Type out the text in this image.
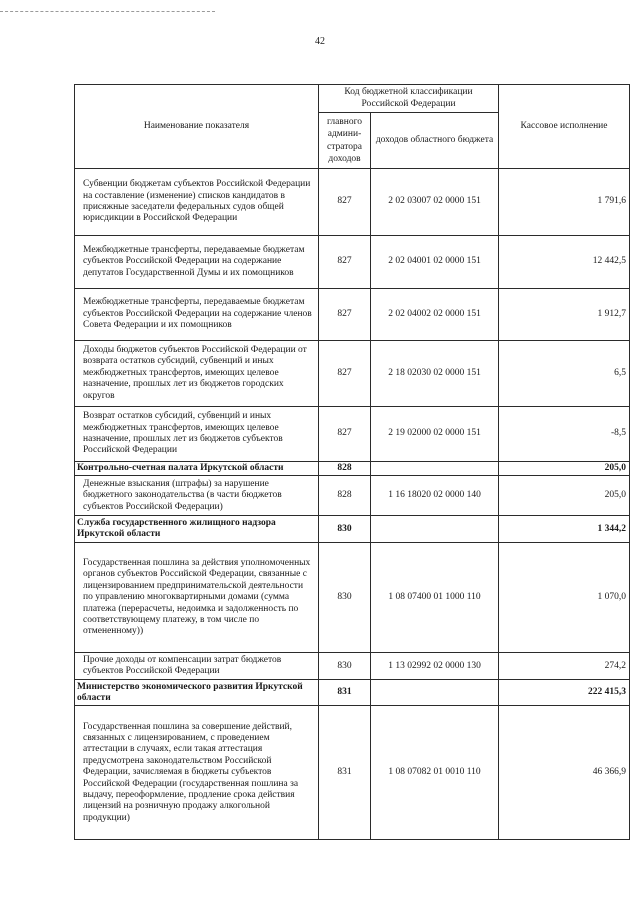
42
Наименование показателя	Код бюджетной классификации Российской Федерации		Кассовое исполнение
	главного админи-стратора доходов	доходов областного бюджета	
Субвенции бюджетам субъектов Российской Федерации на составление (изменение) списков кандидатов в присяжные заседатели федеральных судов общей юрисдикции в Российской Федерации	827	2 02 03007 02 0000 151	1 791,6
Межбюджетные трансферты, передаваемые бюджетам субъектов Российской Федерации на содержание депутатов Государственной Думы и их помощников	827	2 02 04001 02 0000 151	12 442,5
Межбюджетные трансферты, передаваемые бюджетам субъектов Российской Федерации на содержание членов Совета Федерации и их помощников	827	2 02 04002 02 0000 151	1 912,7
Доходы бюджетов субъектов Российской Федерации от возврата остатков субсидий, субвенций и иных межбюджетных трансфертов, имеющих целевое назначение, прошлых лет из бюджетов городских округов	827	2 18 02030 02 0000 151	6,5
Возврат остатков субсидий, субвенций и иных межбюджетных трансфертов, имеющих целевое назначение, прошлых лет из бюджетов субъектов Российской Федерации	827	2 19 02000 02 0000 151	-8,5
Контрольно-счетная палата Иркутской области	828		205,0
Денежные взыскания (штрафы) за нарушение бюджетного законодательства (в части бюджетов субъектов Российской Федерации)	828	1 16 18020 02 0000 140	205,0
Служба государственного жилищного надзора Иркутской области	830		1 344,2
Государственная пошлина за действия уполномоченных органов субъектов Российской Федерации, связанные с лицензированием предпринимательской деятельности по управлению многоквартирными домами (сумма платежа (перерасчеты, недоимка и задолженность по соответствующему платежу, в том числе по отмененному))	830	1 08 07400 01 1000 110	1 070,0
Прочие доходы от компенсации затрат бюджетов субъектов Российской Федерации	830	1 13 02992 02 0000 130	274,2
Министерство экономического развития Иркутской области	831		222 415,3
Государственная пошлина за совершение действий, связанных с лицензированием, с проведением аттестации в случаях, если такая аттестация предусмотрена законодательством Российской Федерации, зачисляемая в бюджеты субъектов Российской Федерации (государственная пошлина за выдачу, переоформление, продление срока действия лицензий на розничную продажу алкогольной продукции)	831	1 08 07082 01 0010 110	46 366,9
